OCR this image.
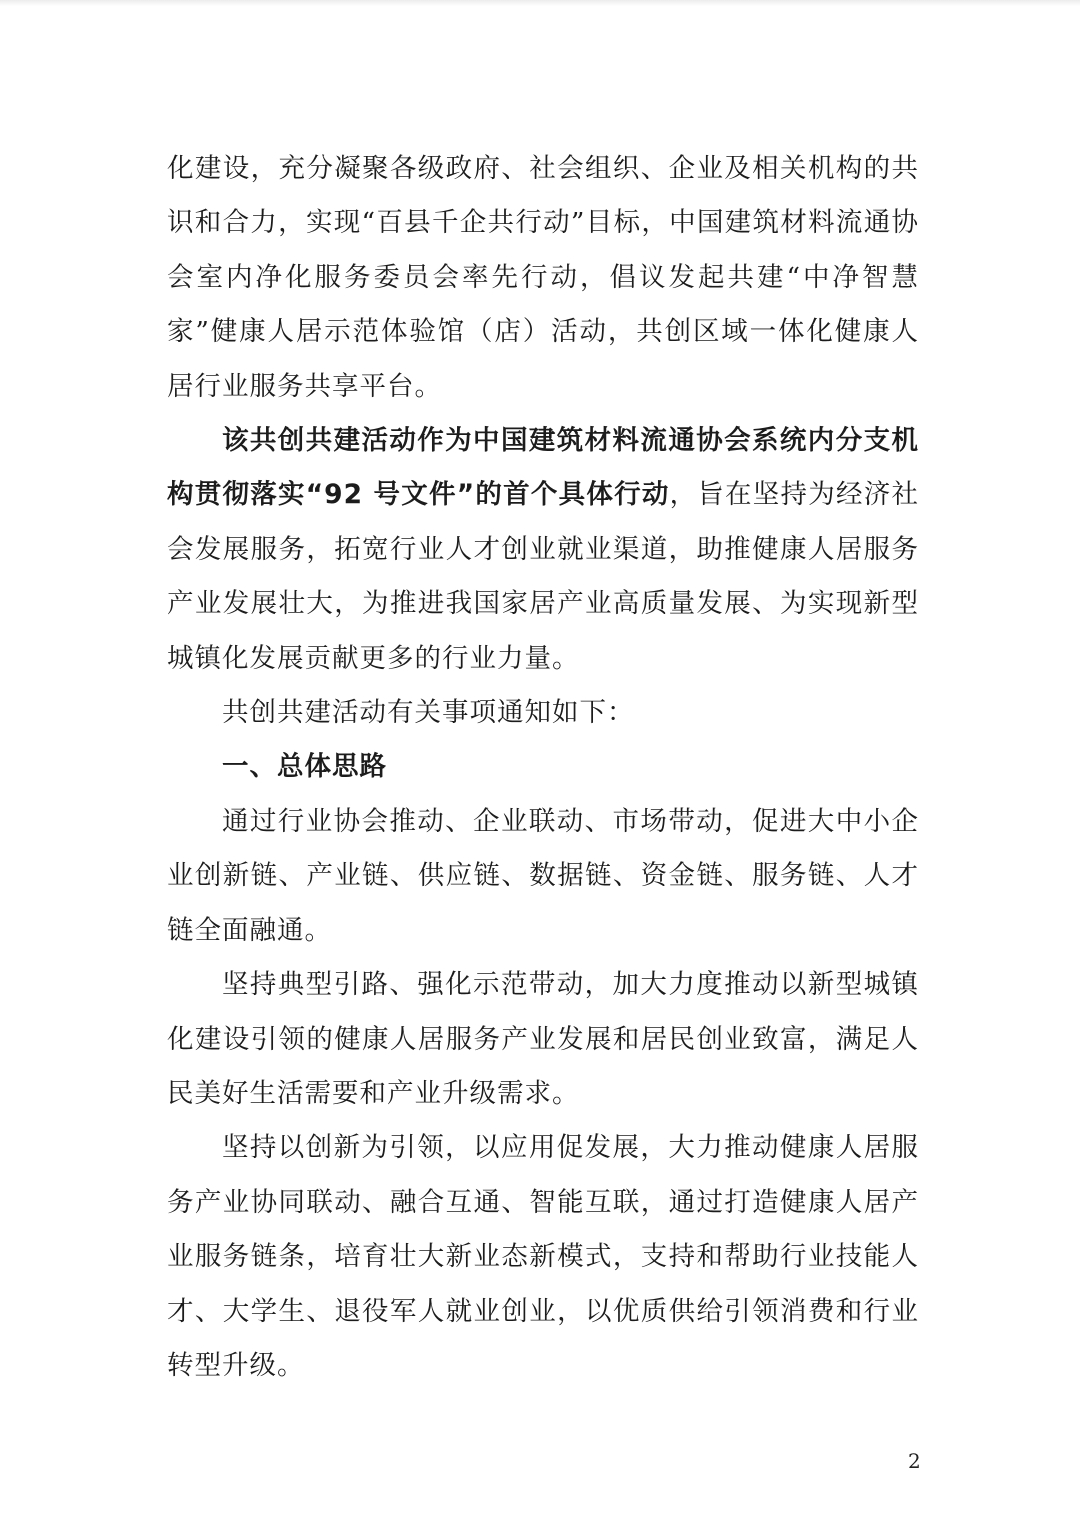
化建设，充分凝聚各级政府、社会组织、企业及相关机构的共识和合力，实现“百县千企共行动”目标，中国建筑材料流通协会室内净化服务委员会率先行动，倡议发起共建“中净智慧家”健康人居示范体验馆（店）活动，共创区域一体化健康人居行业服务共享平台。

该共创共建活动作为中国建筑材料流通协会系统内分支机构贯彻落实“92 号文件”的首个具体行动，旨在坚持为经济社会发展服务，拓宽行业人才创业就业渠道，助推健康人居服务产业发展壮大，为推进我国家居产业高质量发展、为实现新型城镇化发展贡献更多的行业力量。

共创共建活动有关事项通知如下：

一、总体思路

通过行业协会推动、企业联动、市场带动，促进大中小企业创新链、产业链、供应链、数据链、资金链、服务链、人才链全面融通。

坚持典型引路、强化示范带动，加大力度推动以新型城镇化建设引领的健康人居服务产业发展和居民创业致富，满足人民美好生活需要和产业升级需求。

坚持以创新为引领，以应用促发展，大力推动健康人居服务产业协同联动、融合互通、智能互联，通过打造健康人居产业服务链条，培育壮大新业态新模式，支持和帮助行业技能人才、大学生、退役军人就业创业，以优质供给引领消费和行业转型升级。

2
